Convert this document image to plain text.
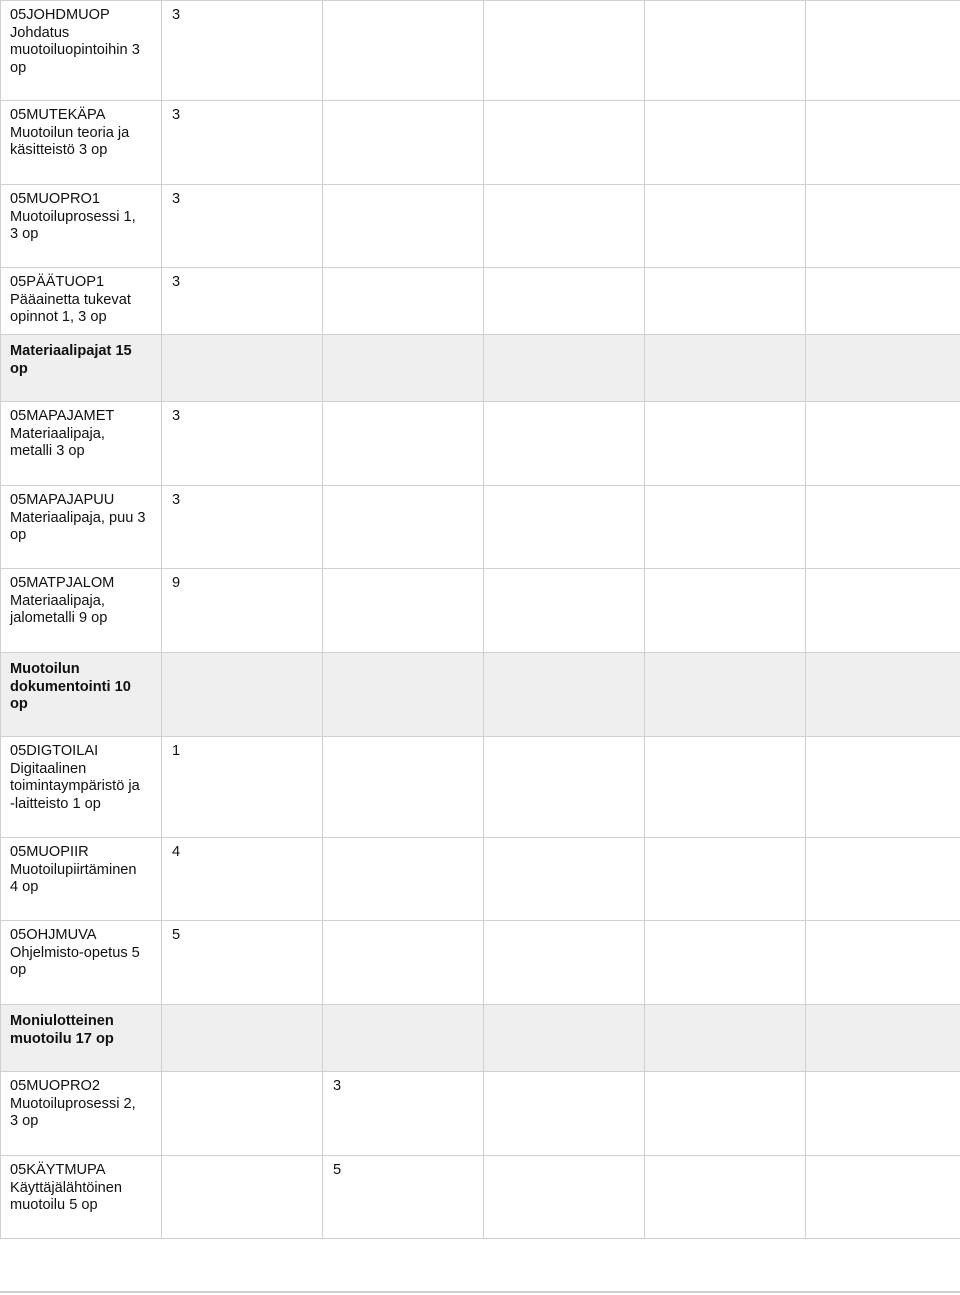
05JOHDMUOP
Johdatus
muotoiluopintoihin 3
op	3				

05MUTEKÄPA
Muotoilun teoria ja
käsitteistö 3 op	3				

05MUOPRO1
Muotoiluprosessi 1,
3 op	3				

05PÄÄTUOP1
Pääainetta tukevat
opinnot 1, 3 op	3				

Materiaalipajat 15
op					

05MAPAJAMET
Materiaalipaja,
metalli 3 op	3				

05MAPAJAPUU
Materiaalipaja, puu 3
op	3				

05MATPJALOM
Materiaalipaja,
jalometalli 9 op	9				

Muotoilun
dokumentointi 10
op					

05DIGTOILAI
Digitaalinen
toimintaympäristö ja
-laitteisto 1 op	1				

05MUOPIIR
Muotoilupiirtäminen
4 op	4				

05OHJMUVA
Ohjelmisto-opetus 5
op	5				

Moniulotteinen
muotoilu 17 op					

05MUOPRO2
Muotoiluprosessi 2,
3 op		3			

05KÄYTMUPA
Käyttäjälähtöinen
muotoilu 5 op		5			
